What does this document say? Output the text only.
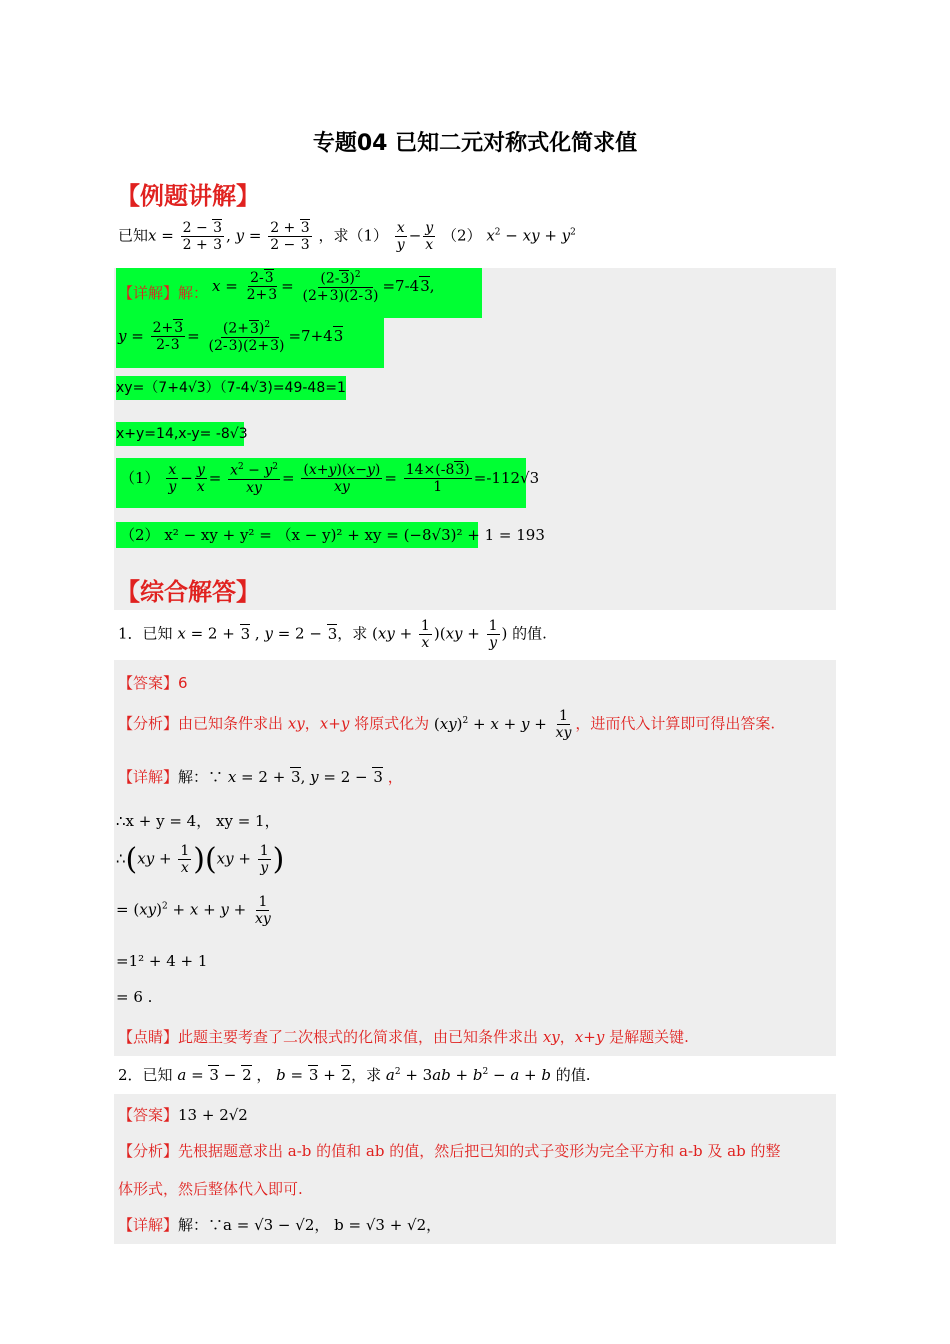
专题04 已知二元对称式化简求值
【例题讲解】
已知$x = \frac{2 - 3}{2 + 3}$ , $y = \frac{2 + 3}{2 - 3}$ ，求$(1) \frac{x}{y} - \frac{y}{x} (2) x^2$ − xy + $y^2$
【详解】解： $x = \frac{2-3}{2+3} = \frac{(2-3)^2}{(2+3)(2-3)} =7-43$,
$y = \frac{2+3}{2-3} = \frac{(2+3)^2}{(2-3)(2+3)} =7+43$
xy=（7+4√3）（7-4√3)=49-48=1
x+y=14,x-y= -8√3
$(1) \frac{x}{y} - \frac{y}{x} = \frac{x^2 - y^2}{xy} = \frac{(x+y)(x-y)}{xy} = \frac{14\times(-83)}{1} =-112√3$
（2） x² − xy + y² = （x − y)² + xy = (−8√3)² + 1 = 193
【综合解答】
1．已知 x = 2 + 3 , y = 2 − 3，求 $(xy + \frac{1}{x} )(xy + \frac{1}{y}$ ) 的值.
【答案】6
【分析】由已知条件求出 xy，x+y 将原式化为 $(xy)^2 + x + y + \frac{1}{xy}$ ，进而代入计算即可得出答案.
【详解】解：∵ x = 2 + 3, y = 2 − 3 ，
∴x + y = 4， xy = 1，
∴(xy + $\frac{1}{x} )(xy + \frac{1}{y}$ )
= $(xy)^2 + x + y + \frac{1}{xy}$
=1² + 4 + 1
= 6 .
【点睛】此题主要考查了二次根式的化简求值，由已知条件求出 xy，x+y 是解题关键.
2．已知 a = 3 − 2 ， b = 3 + 2，求 $a^2 + 3ab + b^2 - a + b$ 的值.
【答案】13 + 2√2
【分析】先根据题意求出 a-b 的值和 ab 的值，然后把已知的式子变形为完全平方和 a-b 及 ab 的整
体形式，然后整体代入即可.
【详解】解：∵a = √3 − √2， b = √3 + √2，
